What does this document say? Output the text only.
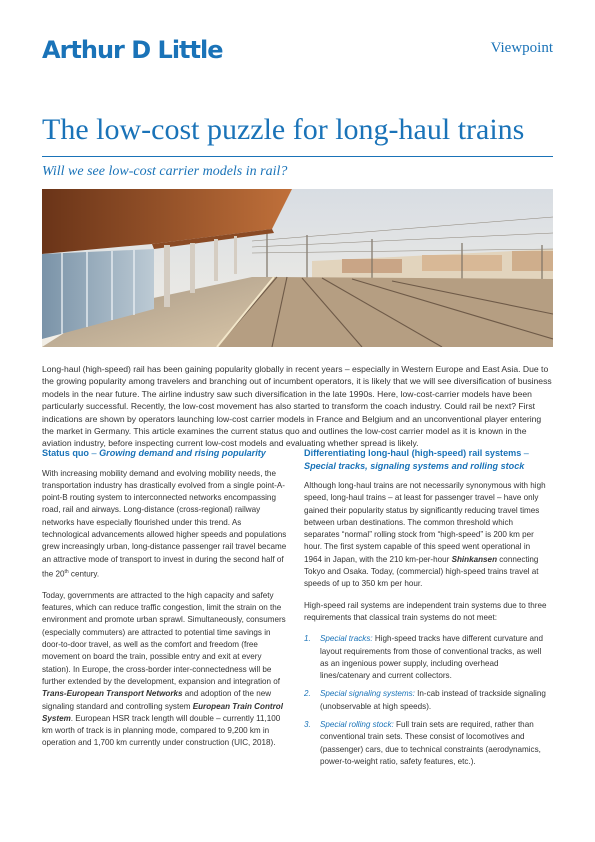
Arthur D Little	Viewpoint
The low-cost puzzle for long-haul trains
Will we see low-cost carrier models in rail?
Long-haul (high-speed) rail has been gaining popularity globally in recent years – especially in Western Europe and East Asia. Due to the growing popularity among travelers and branching out of incumbent operators, it is likely that we will see diversification of business models in the near future. The airline industry saw such diversification in the late 1990s. Here, low-cost-carrier models have been particularly successful. Recently, the low-cost movement has also started to transform the coach industry. Could rail be next? First indications are shown by operators launching low-cost carrier models in France and Belgium and an unconventional player entering the market in Germany. This article examines the current status quo and outlines the low-cost carrier model as it is known in the aviation industry, before inspecting current low-cost models and evaluating whether spread is likely.
Status quo – Growing demand and rising popularity

With increasing mobility demand and evolving mobility needs, the transportation industry has drastically evolved from a single point-A-point-B routing system to interconnected networks encompassing road, rail and airways. Long-distance (cross-regional) railway networks have especially flourished under this trend. As technological advancements allowed higher speeds and populations grew increasingly urban, long-distance passenger rail travel became an attractive mode of transport to invest in during the second half of the 20th century.

Today, governments are attracted to the high capacity and safety features, which can reduce traffic congestion, limit the strain on the environment and promote urban sprawl. Simultaneously, consumers (especially commuters) are attracted to potential time savings in door-to-door travel, as well as the comfort and freedom (free movement on board the train, possible entry and exit at every station). In Europe, the cross-border inter-connectedness will be further extended by the development, expansion and integration of Trans-European Transport Networks and adoption of the new signaling standard and controlling system European Train Control System. European HSR track length will double – currently 11,100 km worth of track is in planning mode, compared to 9,200 km in operation and 1,700 km currently under construction (UIC, 2018).

Differentiating long-haul (high-speed) rail systems – Special tracks, signaling systems and rolling stock

Although long-haul trains are not necessarily synonymous with high speed, long-haul trains – at least for passenger travel – have only gained their popularity status by significantly reducing travel times between urban destinations. The common threshold which separates “normal” rolling stock from “high-speed” is 200 km per hour. The first system capable of this speed went operational in 1964 in Japan, with the 210 km-per-hour Shinkansen connecting Tokyo and Osaka. Today, (commercial) high-speed trains travel at speeds of up to 350 km per hour.

High-speed rail systems are independent train systems due to three requirements that classical train systems do not meet:

1. Special tracks: High-speed tracks have different curvature and layout requirements from those of conventional tracks, as well as an ingenious power supply, including overhead lines/catenary and current collectors.
2. Special signaling systems: In-cab instead of trackside signaling (unobservable at high speeds).
3. Special rolling stock: Full train sets are required, rather than conventional train sets. These consist of locomotives and (passenger) cars, due to technical constraints (aerodynamics, power-to-weight ratio, safety features, etc.).
